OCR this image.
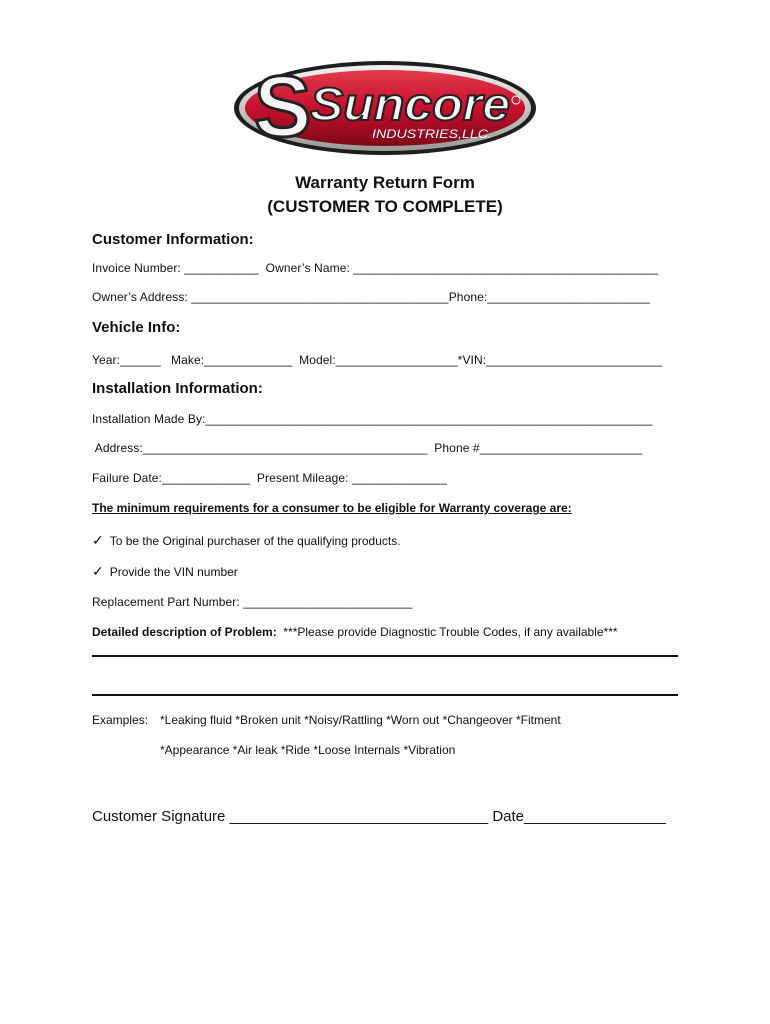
S
Suncore
INDUSTRIES,LLC.
Warranty Return Form
(CUSTOMER TO COMPLETE)
Customer Information:
Invoice Number: ___________  Owner’s Name: _____________________________________________
Owner’s Address: ______________________________________Phone:________________________
Vehicle Info:
Year:______   Make:_____________  Model:__________________*VIN:__________________________
Installation Information:
Installation Made By:__________________________________________________________________
Address:__________________________________________  Phone #________________________
Failure Date:_____________  Present Mileage: ______________
The minimum requirements for a consumer to be eligible for Warranty coverage are:
✓ To be the Original purchaser of the qualifying products.
✓ Provide the VIN number
Replacement Part Number: _________________________
Detailed description of Problem:  ***Please provide Diagnostic Trouble Codes, if any available***
Examples: *Leaking fluid *Broken unit *Noisy/Rattling *Worn out *Changeover *Fitment
*Appearance *Air leak *Ride *Loose Internals *Vibration
Customer Signature _______________________________ Date_________________
